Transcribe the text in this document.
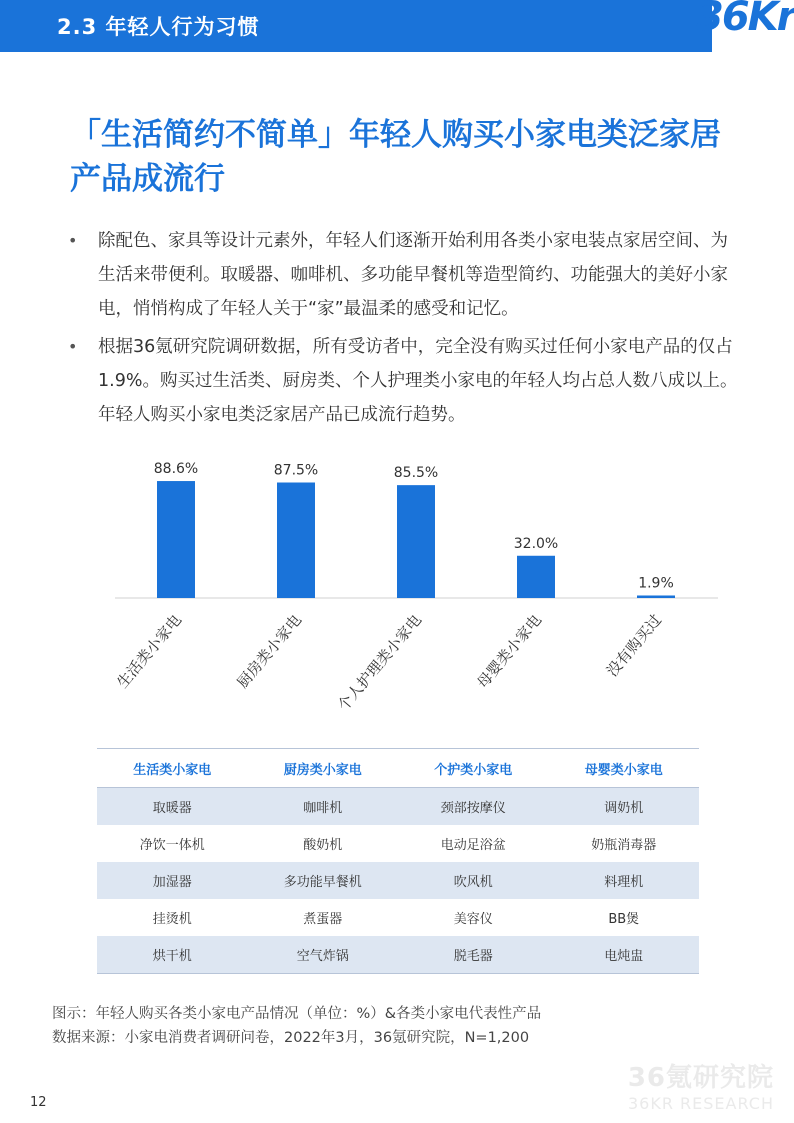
2.3 年轻人行为习惯	36Kr
「生活简约不简单」年轻人购买小家电类泛家居产品成流行
• 除配色、家具等设计元素外，年轻人们逐渐开始利用各类小家电装点家居空间、为生活来带便利。取暖器、咖啡机、多功能早餐机等造型简约、功能强大的美好小家电，悄悄构成了年轻人关于“家”最温柔的感受和记忆。
• 根据36氪研究院调研数据，所有受访者中，完全没有购买过任何小家电产品的仅占1.9%。购买过生活类、厨房类、个人护理类小家电的年轻人均占总人数八成以上。年轻人购买小家电类泛家居产品已成流行趋势。
88.6%
生活类小家电
87.5%
厨房类小家电
85.5%
个人护理类小家电
32.0%
母婴类小家电
1.9%
没有购买过
生活类小家电	厨房类小家电	个护类小家电	母婴类小家电
取暖器	咖啡机	颈部按摩仪	调奶机
净饮一体机	酸奶机	电动足浴盆	奶瓶消毒器
加湿器	多功能早餐机	吹风机	料理机
挂烫机	煮蛋器	美容仪	BB煲
烘干机	空气炸锅	脱毛器	电炖盅
图示：年轻人购买各类小家电产品情况（单位：%）&各类小家电代表性产品
数据来源：小家电消费者调研问卷，2022年3月，36氪研究院，N=1,200
36氪研究院
36KR RESEARCH
12
